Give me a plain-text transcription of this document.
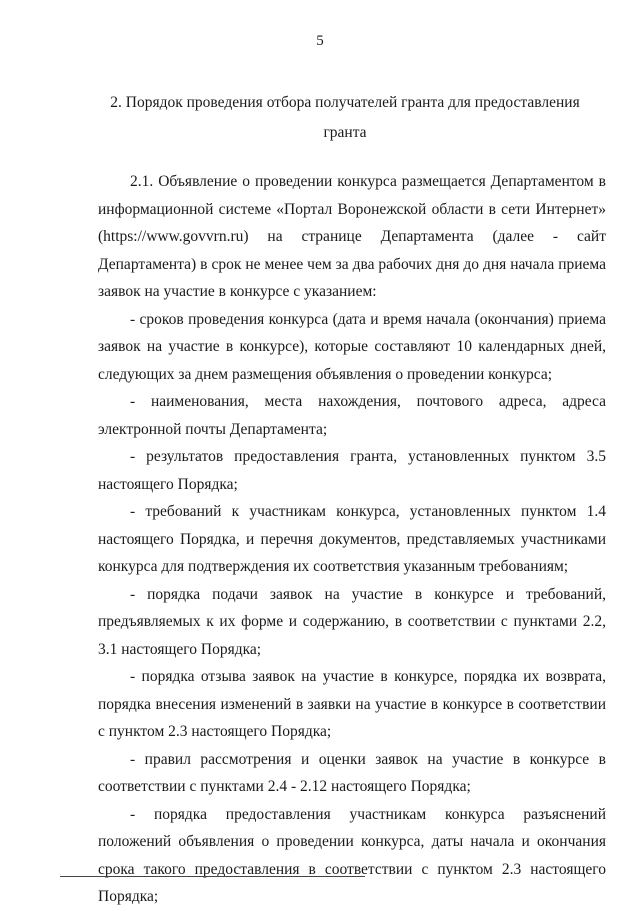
5
2. Порядок проведения отбора получателей гранта для предоставления гранта

2.1. Объявление о проведении конкурса размещается Департаментом в информационной системе «Портал Воронежской области в сети Интернет» (https://www.govvrn.ru) на странице Департамента (далее - сайт Департамента) в срок не менее чем за два рабочих дня до дня начала приема заявок на участие в конкурсе с указанием:

- сроков проведения конкурса (дата и время начала (окончания) приема заявок на участие в конкурсе), которые составляют 10 календарных дней, следующих за днем размещения объявления о проведении конкурса;

- наименования, места нахождения, почтового адреса, адреса электронной почты Департамента;

- результатов предоставления гранта, установленных пунктом 3.5 настоящего Порядка;

- требований к участникам конкурса, установленных пунктом 1.4 настоящего Порядка, и перечня документов, представляемых участниками конкурса для подтверждения их соответствия указанным требованиям;

- порядка подачи заявок на участие в конкурсе и требований, предъявляемых к их форме и содержанию, в соответствии с пунктами 2.2, 3.1 настоящего Порядка;

- порядка отзыва заявок на участие в конкурсе, порядка их возврата, порядка внесения изменений в заявки на участие в конкурсе в соответствии с пунктом 2.3 настоящего Порядка;

- правил рассмотрения и оценки заявок на участие в конкурсе в соответствии с пунктами 2.4 - 2.12 настоящего Порядка;

- порядка предоставления участникам конкурса разъяснений положений объявления о проведении конкурса, даты начала и окончания срока такого предоставления в соответствии с пунктом 2.3 настоящего Порядка;
